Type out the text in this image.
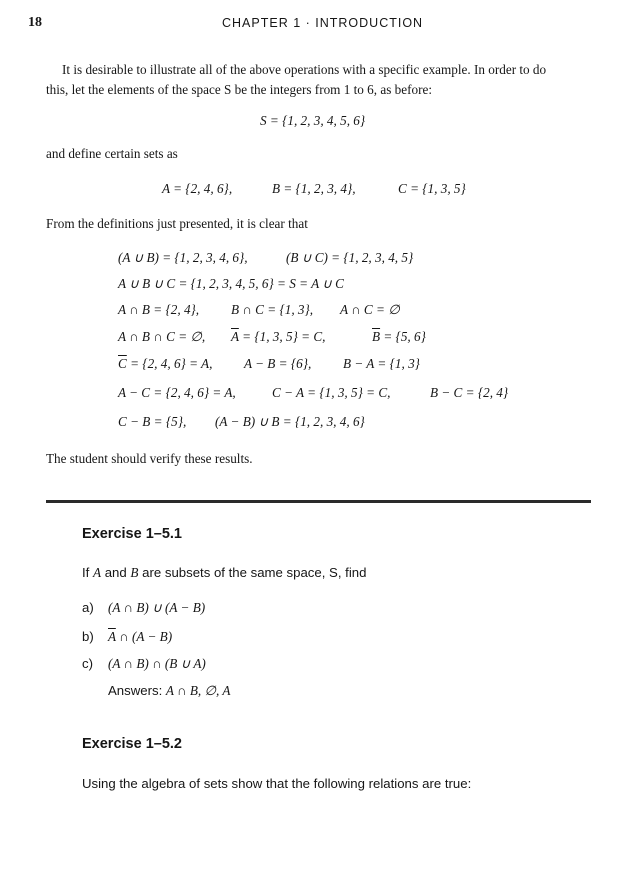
18	CHAPTER 1 · INTRODUCTION
It is desirable to illustrate all of the above operations with a specific example. In order to do
this, let the elements of the space S be the integers from 1 to 6, as before:
S = {1, 2, 3, 4, 5, 6}
and define certain sets as
A = {2, 4, 6},	B = {1, 2, 3, 4},	C = {1, 3, 5}
From the definitions just presented, it is clear that
(A ∪ B) = {1, 2, 3, 4, 6},	(B ∪ C) = {1, 2, 3, 4, 5}
A ∪ B ∪ C = {1, 2, 3, 4, 5, 6} = S = A ∪ C
A ∩ B = {2, 4}, B ∩ C = {1, 3}, A ∩ C = ∅
A ∩ B ∩ C = ∅, $\overline{A} = \{1$, 3, 5} = C,	$\overline{B} = \{5$, 6}
$\overline{C} = \{2$, 4, 6} = A, A − B = {6}, B − A = {1, 3}
A − C = {2, 4, 6} = A,	C − A = {1, 3, 5} = C,	B − C = {2, 4}
C − B = {5}, (A − B) ∪ B = {1, 2, 3, 4, 6}
The student should verify these results.
Exercise 1–5.1
If A and B are subsets of the same space, S, find
a) (A ∩ B) ∪ (A − B)
b) $\overline{A}$ ∩ (A − B)
c) (A ∩ B) ∩ (B ∪ A)
Answers: A ∩ B, ∅, A
Exercise 1–5.2
Using the algebra of sets show that the following relations are true:
